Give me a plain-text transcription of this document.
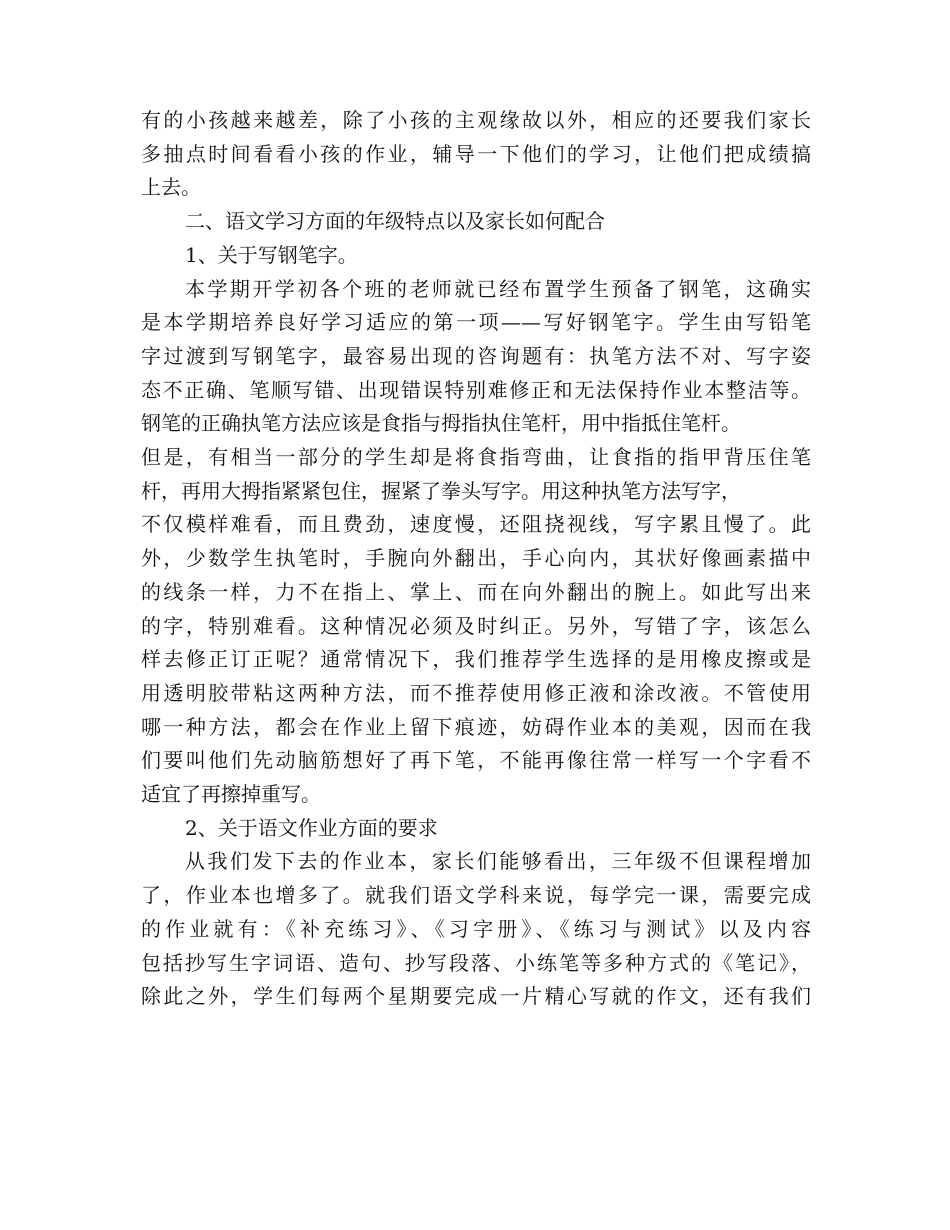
有的小孩越来越差，除了小孩的主观缘故以外，相应的还要我们家长
多抽点时间看看小孩的作业，辅导一下他们的学习，让他们把成绩搞
上去。
二、语文学习方面的年级特点以及家长如何配合
1、关于写钢笔字。
本学期开学初各个班的老师就已经布置学生预备了钢笔，这确实
是本学期培养良好学习适应的第一项——写好钢笔字。学生由写铅笔
字过渡到写钢笔字，最容易出现的咨询题有：执笔方法不对、写字姿
态不正确、笔顺写错、出现错误特别难修正和无法保持作业本整洁等。
钢笔的正确执笔方法应该是食指与拇指执住笔杆，用中指抵住笔杆。
但是，有相当一部分的学生却是将食指弯曲，让食指的指甲背压住笔
杆，再用大拇指紧紧包住，握紧了拳头写字。用这种执笔方法写字，
不仅模样难看，而且费劲，速度慢，还阻挠视线，写字累且慢了。此
外，少数学生执笔时，手腕向外翻出，手心向内，其状好像画素描中
的线条一样，力不在指上、掌上、而在向外翻出的腕上。如此写出来
的字，特别难看。这种情况必须及时纠正。另外，写错了字，该怎么
样去修正订正呢？通常情况下，我们推荐学生选择的是用橡皮擦或是
用透明胶带粘这两种方法，而不推荐使用修正液和涂改液。不管使用
哪一种方法，都会在作业上留下痕迹，妨碍作业本的美观，因而在我
们要叫他们先动脑筋想好了再下笔，不能再像往常一样写一个字看不
适宜了再擦掉重写。
2、关于语文作业方面的要求
从我们发下去的作业本，家长们能够看出，三年级不但课程增加
了，作业本也增多了。就我们语文学科来说，每学完一课，需要完成
的作业就有：《补充练习》、《习字册》、《练习与测试》以及内容
包括抄写生字词语、造句、抄写段落、小练笔等多种方式的《笔记》，
除此之外，学生们每两个星期要完成一片精心写就的作文，还有我们
